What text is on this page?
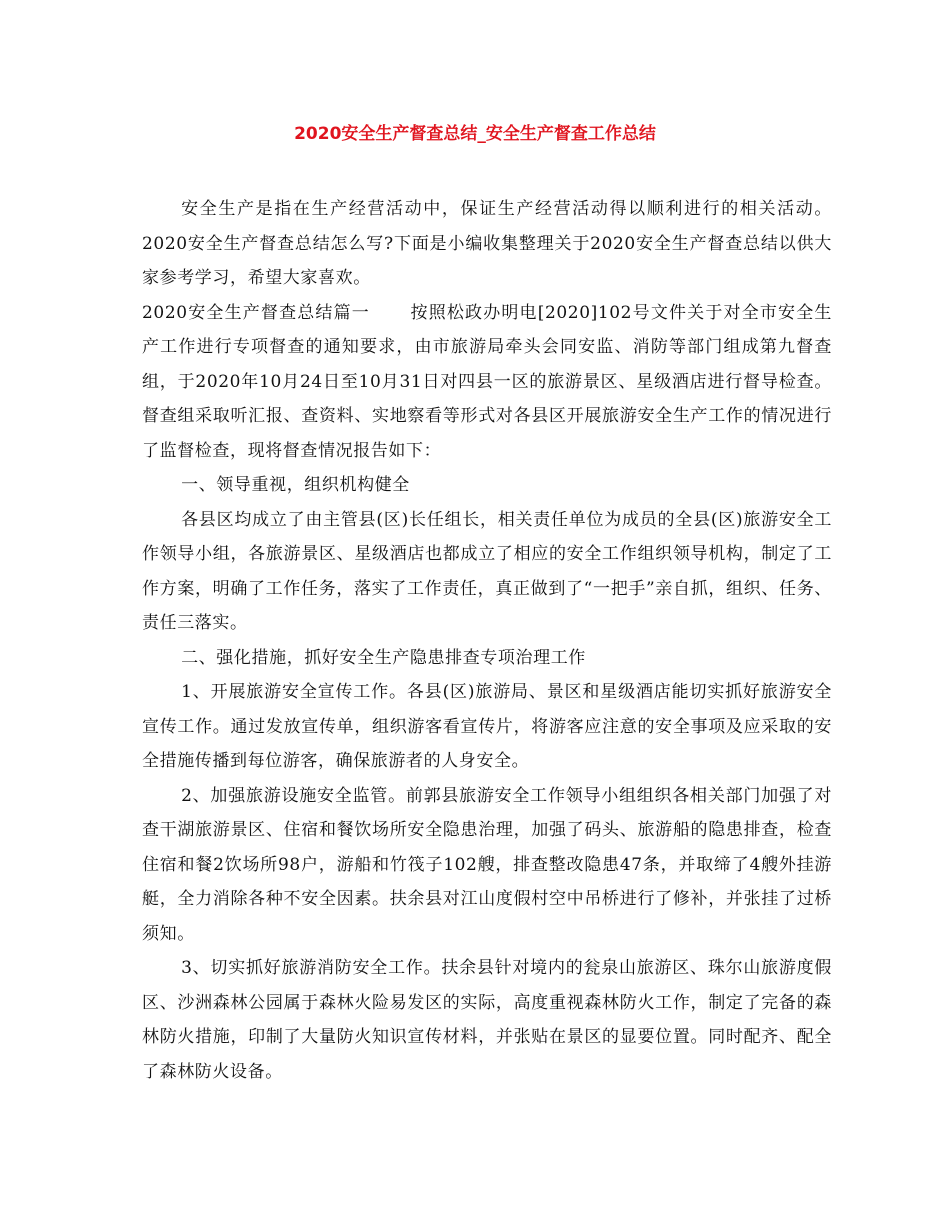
2020安全生产督查总结_安全生产督查工作总结

安全生产是指在生产经营活动中，保证生产经营活动得以顺利进行的相关活动。2020安全生产督查总结怎么写?下面是小编收集整理关于2020安全生产督查总结以供大家参考学习，希望大家喜欢。

2020安全生产督查总结篇一 按照松政办明电[2020]102号文件关于对全市安全生产工作进行专项督查的通知要求，由市旅游局牵头会同安监、消防等部门组成第九督查组，于2020年10月24日至10月31日对四县一区的旅游景区、星级酒店进行督导检查。督查组采取听汇报、查资料、实地察看等形式对各县区开展旅游安全生产工作的情况进行了监督检查，现将督查情况报告如下：

一、领导重视，组织机构健全

各县区均成立了由主管县(区)长任组长，相关责任单位为成员的全县(区)旅游安全工作领导小组，各旅游景区、星级酒店也都成立了相应的安全工作组织领导机构，制定了工作方案，明确了工作任务，落实了工作责任，真正做到了“一把手”亲自抓，组织、任务、责任三落实。

二、强化措施，抓好安全生产隐患排查专项治理工作

1、开展旅游安全宣传工作。各县(区)旅游局、景区和星级酒店能切实抓好旅游安全宣传工作。通过发放宣传单，组织游客看宣传片，将游客应注意的安全事项及应采取的安全措施传播到每位游客，确保旅游者的人身安全。

2、加强旅游设施安全监管。前郭县旅游安全工作领导小组组织各相关部门加强了对查干湖旅游景区、住宿和餐饮场所安全隐患治理，加强了码头、旅游船的隐患排查，检查住宿和餐2饮场所98户，游船和竹筏子102艘，排查整改隐患47条，并取缔了4艘外挂游艇，全力消除各种不安全因素。扶余县对江山度假村空中吊桥进行了修补，并张挂了过桥须知。

3、切实抓好旅游消防安全工作。扶余县针对境内的瓮泉山旅游区、珠尔山旅游度假区、沙洲森林公园属于森林火险易发区的实际，高度重视森林防火工作，制定了完备的森林防火措施，印制了大量防火知识宣传材料，并张贴在景区的显要位置。同时配齐、配全了森林防火设备。
